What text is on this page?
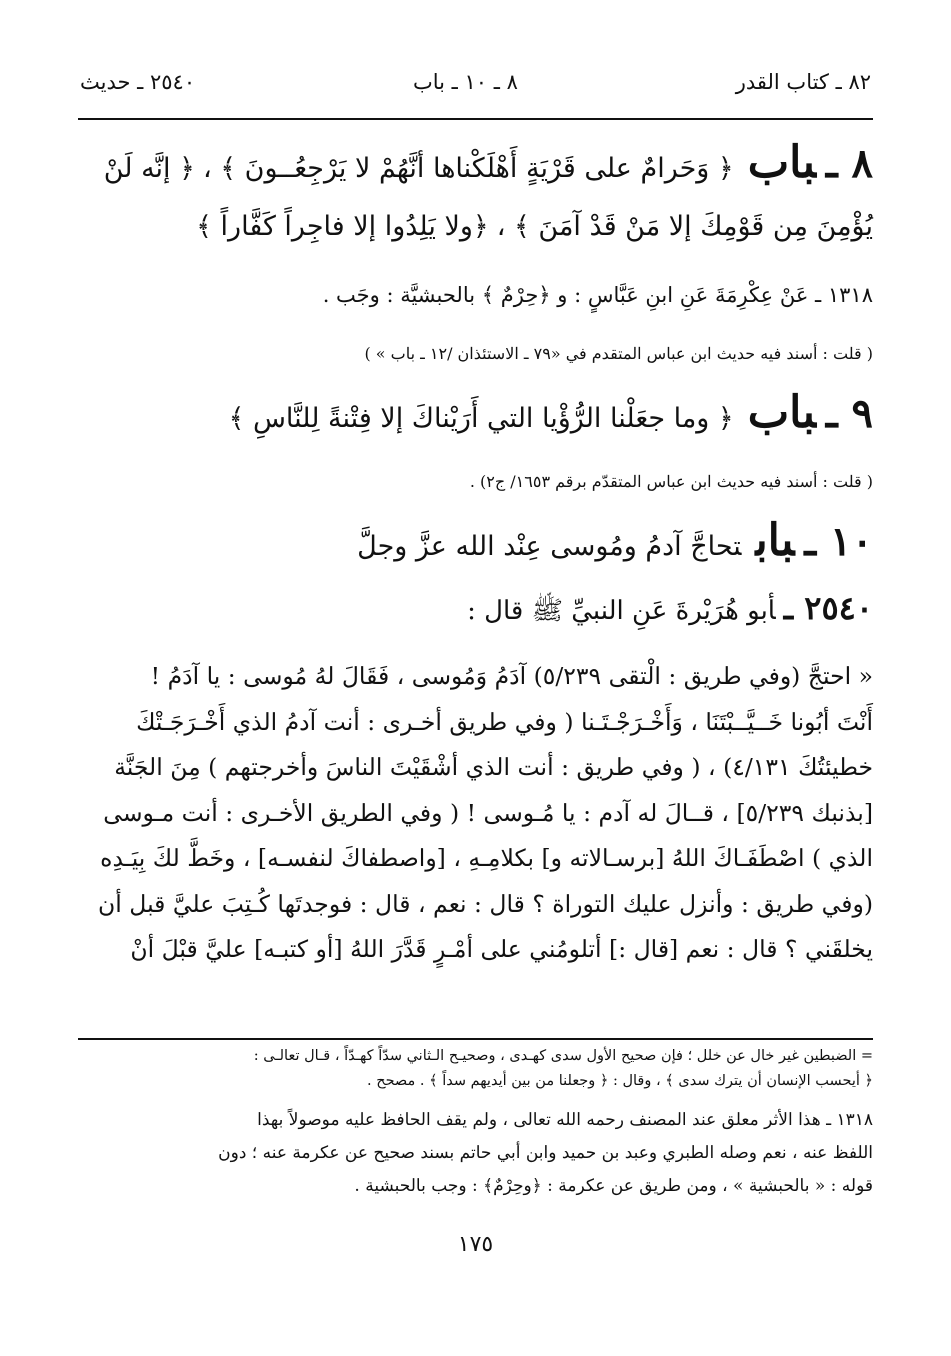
٨٢ ـ كتاب القدر
٨ ـ ١٠ ـ باب
٢٥٤٠ ـ حديث
٨ ـباب﴿ وَحَرامٌ على قَرْيَةٍ أَهْلَكْناها أنَّهُمْ لا يَرْجِعُــونَ ﴾ ،﴿ إنَّه لَنْ يُؤْمِنَ مِن قَوْمِكَ إلا مَنْ قَدْ آمَنَ ﴾ ،﴿ولا يَلِدُوا إلا فاجِراً كَفَّاراً ﴾
١٣١٨ ـ عَنْ عِكْرِمَةَ عَنِ ابنِ عَبَّاسٍ : و ﴿حِرْمٌ ﴾ بالحبشيَّة : وجَب .
( قلت : أسند فيه حديث ابن عباس المتقدم في «٧٩ ـ الاستئذان /١٢ ـ باب » )
٩ ـباب﴿ وما جعَلْنا الرُّؤْيا التي أَرَيْناكَ إلا فِتْنةً لِلنَّاسِ ﴾
( قلت : أسند فيه حديث ابن عباس المتقدّم برقم ١٦٥٣/ ج٢) .
١٠ ـبابتحاجَّ آدمُ ومُوسى عِنْد الله عزَّ وجلَّ
٢٥٤٠ ـأبو هُرَيْرةَ عَنِ النبيِّ ﷺ قال :
« احتجَّ (وفي طريق : الْتقى ٥/٢٣٩) آدَمُ وَمُوسى ، فَقَالَ لهُ مُوسى : يا آدَمُ !
أَنْتَ أبُونا خَــيَّــبْتَنَا ، وَأَخْـرَجْـتَـنا ( وفي طريق أخـرى : أنت آدمُ الذي أَخْـرَجَـتْكَ
خطيئتُكَ ٤/١٣١) ، ( وفي طريق : أنت الذي أشْقَيْتَ الناسَ وأخرجتهم ) مِنَ الجَنَّة
[بذنبك ٥/٢٣٩] ، قــالَ له آدم : يا مُـوسى ! ( وفي الطريق الأخـرى : أنت مـوسى
الذي ) اصْطَفَـاكَ اللهُ [برسـالاته و] بكلامِـهِ ، [واصطفاكَ لنفسـه] ، وخَطَّ لكَ بِيَـدِه
(وفي طريق : وأنزل عليك التوراة ؟ قال : نعم ، قال : فوجدتَها كُـتِبَ عليَّ قبل أن
يخلقَني ؟ قال : نعم [قال :] أتلومُني على أمْـرٍ قَدَّرَ اللهُ [أو كتبـه] عليَّ قبْلَ أنْ
= الضبطين غير خال عن خلل ؛ فإن صحيح الأول سدى كهـدى ، وصحيـح الـثاني سدّاً كهـدّاً ، قـال تعالـى :
﴿ أيحسب الإنسان أن يترك سدى ﴾ ، وقال : ﴿ وجعلنا من بين أيديهم سداً ﴾ . مصحح .
١٣١٨ ـ هذا الأثر معلق عند المصنف رحمه الله تعالى ، ولم يقف الحافظ عليه موصولاً بهذا
اللفظ عنه ، نعم وصله الطبري وعبد بن حميد وابن أبي حاتم بسند صحيح عن عكرمة عنه ؛ دون
قوله : « بالحبشية » ، ومن طريق عن عكرمة : ﴿وحِرْمٌ﴾ : وجب بالحبشية .
١٧٥
